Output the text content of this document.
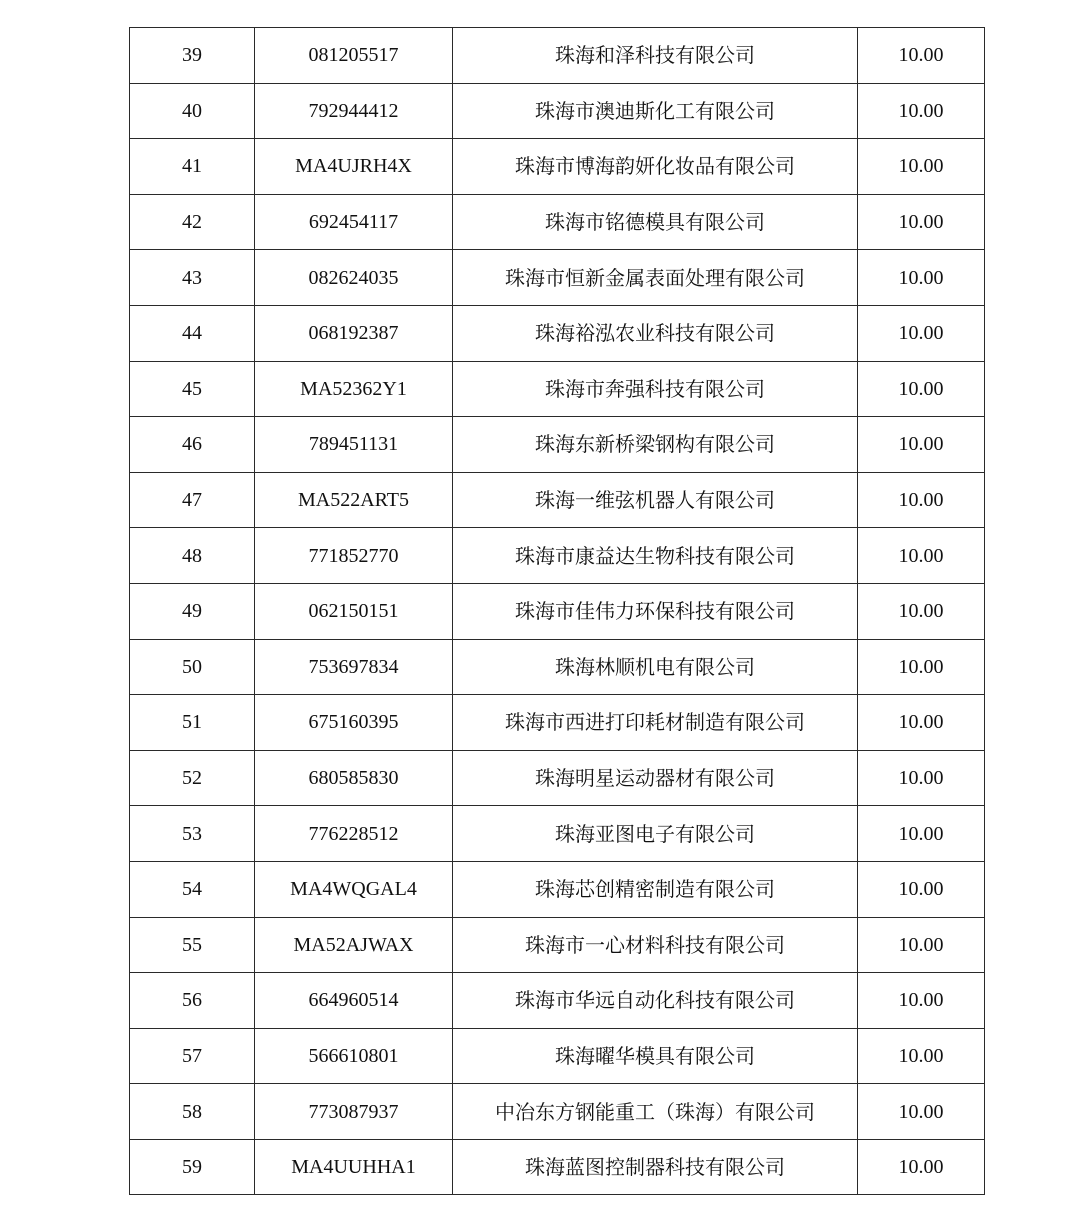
39	081205517	珠海和泽科技有限公司	10.00
40	792944412	珠海市澳迪斯化工有限公司	10.00
41	MA4UJRH4X	珠海市博海韵妍化妆品有限公司	10.00
42	692454117	珠海市铭德模具有限公司	10.00
43	082624035	珠海市恒新金属表面处理有限公司	10.00
44	068192387	珠海裕泓农业科技有限公司	10.00
45	MA52362Y1	珠海市奔强科技有限公司	10.00
46	789451131	珠海东新桥梁钢构有限公司	10.00
47	MA522ART5	珠海一维弦机器人有限公司	10.00
48	771852770	珠海市康益达生物科技有限公司	10.00
49	062150151	珠海市佳伟力环保科技有限公司	10.00
50	753697834	珠海林顺机电有限公司	10.00
51	675160395	珠海市西进打印耗材制造有限公司	10.00
52	680585830	珠海明星运动器材有限公司	10.00
53	776228512	珠海亚图电子有限公司	10.00
54	MA4WQGAL4	珠海芯创精密制造有限公司	10.00
55	MA52AJWAX	珠海市一心材料科技有限公司	10.00
56	664960514	珠海市华远自动化科技有限公司	10.00
57	566610801	珠海曜华模具有限公司	10.00
58	773087937	中冶东方钢能重工（珠海）有限公司	10.00
59	MA4UUHHA1	珠海蓝图控制器科技有限公司	10.00
